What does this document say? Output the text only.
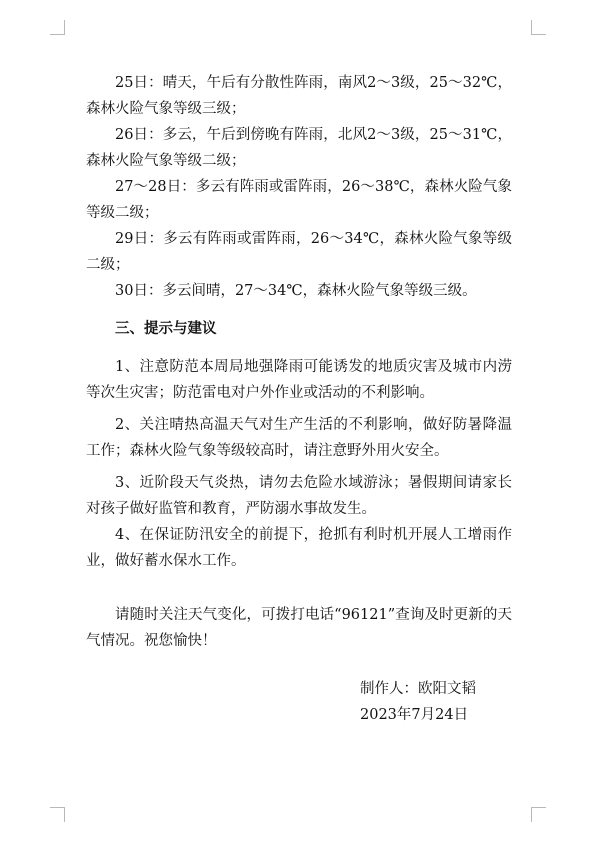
25日：晴天，午后有分散性阵雨，南风2～3级，25～32℃，森林火险气象等级三级；

26日：多云，午后到傍晚有阵雨，北风2～3级，25～31℃，森林火险气象等级二级；

27～28日：多云有阵雨或雷阵雨，26～38℃，森林火险气象等级二级；

29日：多云有阵雨或雷阵雨，26～34℃，森林火险气象等级二级；

30日：多云间晴，27～34℃，森林火险气象等级三级。

三、提示与建议

1、注意防范本周局地强降雨可能诱发的地质灾害及城市内涝等次生灾害；防范雷电对户外作业或活动的不利影响。

2、关注晴热高温天气对生产生活的不利影响，做好防暑降温工作；森林火险气象等级较高时，请注意野外用火安全。

3、近阶段天气炎热，请勿去危险水域游泳；暑假期间请家长对孩子做好监管和教育，严防溺水事故发生。

4、在保证防汛安全的前提下，抢抓有利时机开展人工增雨作业，做好蓄水保水工作。

请随时关注天气变化，可拨打电话“96121”查询及时更新的天气情况。祝您愉快！

制作人：欧阳文韬
2023年7月24日
